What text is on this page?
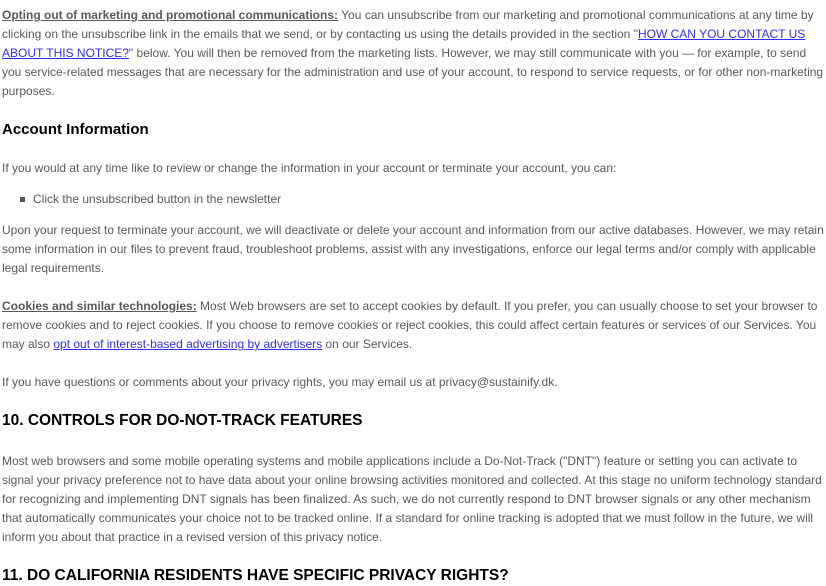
Opting out of marketing and promotional communications: You can unsubscribe from our marketing and promotional communications at any time by clicking on the unsubscribe link in the emails that we send, or by contacting us using the details provided in the section "HOW CAN YOU CONTACT US ABOUT THIS NOTICE?" below. You will then be removed from the marketing lists. However, we may still communicate with you — for example, to send you service-related messages that are necessary for the administration and use of your account, to respond to service requests, or for other non-marketing purposes.

Account Information

If you would at any time like to review or change the information in your account or terminate your account, you can:

Click the unsubscribed button in the newsletter

Upon your request to terminate your account, we will deactivate or delete your account and information from our active databases. However, we may retain some information in our files to prevent fraud, troubleshoot problems, assist with any investigations, enforce our legal terms and/or comply with applicable legal requirements.

Cookies and similar technologies: Most Web browsers are set to accept cookies by default. If you prefer, you can usually choose to set your browser to remove cookies and to reject cookies. If you choose to remove cookies or reject cookies, this could affect certain features or services of our Services. You may also opt out of interest-based advertising by advertisers on our Services.

If you have questions or comments about your privacy rights, you may email us at privacy@sustainify.dk.

10. CONTROLS FOR DO-NOT-TRACK FEATURES

Most web browsers and some mobile operating systems and mobile applications include a Do-Not-Track ("DNT") feature or setting you can activate to signal your privacy preference not to have data about your online browsing activities monitored and collected. At this stage no uniform technology standard for recognizing and implementing DNT signals has been finalized. As such, we do not currently respond to DNT browser signals or any other mechanism that automatically communicates your choice not to be tracked online. If a standard for online tracking is adopted that we must follow in the future, we will inform you about that practice in a revised version of this privacy notice.

11. DO CALIFORNIA RESIDENTS HAVE SPECIFIC PRIVACY RIGHTS?
